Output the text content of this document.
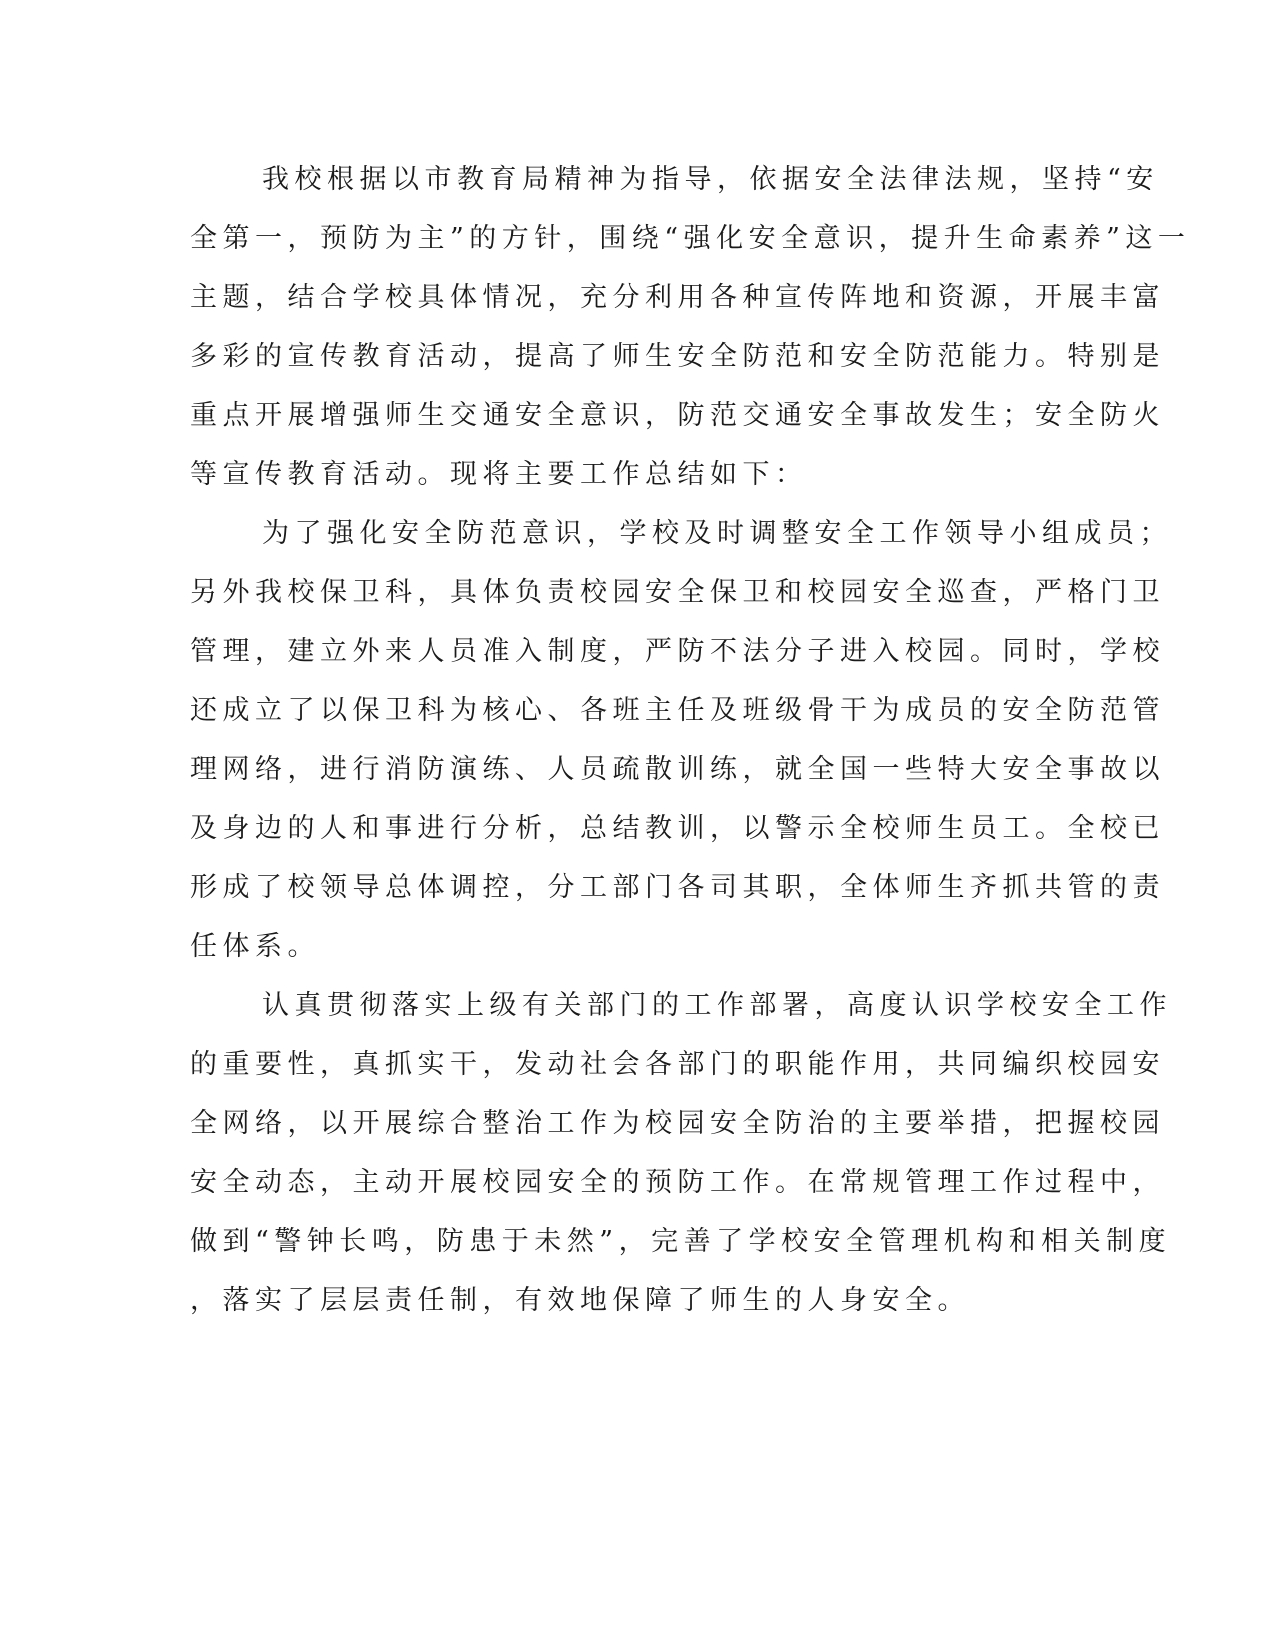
我校根据以市教育局精神为指导，依据安全法律法规，坚持“安
全第一，预防为主”的方针，围绕“强化安全意识，提升生命素养”这一
主题，结合学校具体情况，充分利用各种宣传阵地和资源，开展丰富
多彩的宣传教育活动，提高了师生安全防范和安全防范能力。特别是
重点开展增强师生交通安全意识，防范交通安全事故发生；安全防火
等宣传教育活动。现将主要工作总结如下：
为了强化安全防范意识，学校及时调整安全工作领导小组成员；
另外我校保卫科，具体负责校园安全保卫和校园安全巡查，严格门卫
管理，建立外来人员准入制度，严防不法分子进入校园。同时，学校
还成立了以保卫科为核心、各班主任及班级骨干为成员的安全防范管
理网络，进行消防演练、人员疏散训练，就全国一些特大安全事故以
及身边的人和事进行分析，总结教训，以警示全校师生员工。全校已
形成了校领导总体调控，分工部门各司其职，全体师生齐抓共管的责
任体系。
认真贯彻落实上级有关部门的工作部署，高度认识学校安全工作
的重要性，真抓实干，发动社会各部门的职能作用，共同编织校园安
全网络，以开展综合整治工作为校园安全防治的主要举措，把握校园
安全动态，主动开展校园安全的预防工作。在常规管理工作过程中，
做到“警钟长鸣，防患于未然”，完善了学校安全管理机构和相关制度
，落实了层层责任制，有效地保障了师生的人身安全。
